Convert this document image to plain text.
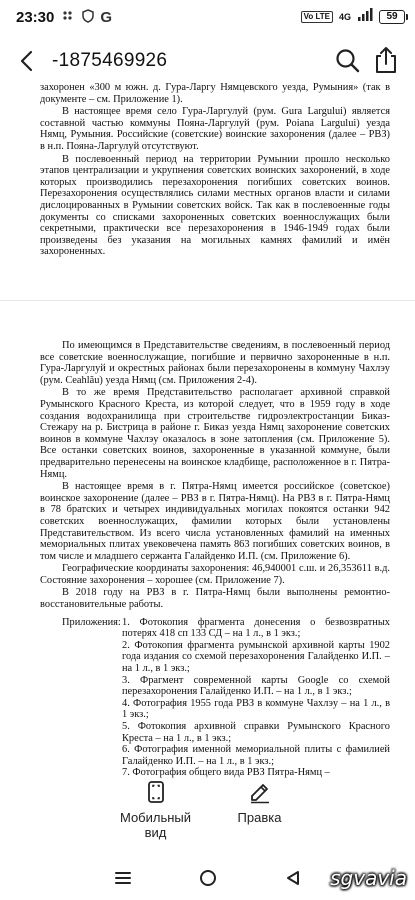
23:30	G	Vo LTE	4G	59
-1875469926

захоронен «300 м южн. д. Гура-Ларгу Нямцевского уезда, Румыния» (так в документе – см. Приложение 1).

В настоящее время село Гура-Ларгулуй (рум. Gura Largului) является составной частью коммуны Пояна-Ларгулуй (рум. Poiana Largului) уезда Нямц, Румыния. Российские (советские) воинские захоронения (далее – РВЗ) в н.п. Пояна-Ларгулуй отсутствуют.

В послевоенный период на территории Румынии прошло несколько этапов централизации и укрупнения советских воинских захоронений, в ходе которых производились перезахоронения погибших советских воинов. Перезахоронения осуществлялись силами местных органов власти и силами дислоцированных в Румынии советских войск. Так как в послевоенные годы документы со списками захороненных советских военнослужащих были секретными, практически все перезахоронения в 1946-1949 годах были произведены без указания на могильных камнях фамилий и имён захороненных.

По имеющимся в Представительстве сведениям, в послевоенный период все советские военнослужащие, погибшие и первично захороненные в н.п. Гура-Ларгулуй и окрестных районах были перезахоронены в коммуну Чахлэу (рум. Ceahlău) уезда Нямц (см. Приложения 2-4).

В то же время Представительство располагает архивной справкой Румынского Красного Креста, из которой следует, что в 1959 году в ходе создания водохранилища при строительстве гидроэлектростанции Биказ-Стежару на р. Бистрица в районе г. Биказ уезда Нямц захоронение советских воинов в коммуне Чахлэу оказалось в зоне затопления (см. Приложение 5). Все останки советских воинов, захороненные в указанной коммуне, были предварительно перенесены на воинское кладбище, расположенное в г. Пятра-Нямц.

В настоящее время в г. Пятра-Нямц имеется российское (советское) воинское захоронение (далее – РВЗ в г. Пятра-Нямц). На РВЗ в г. Пятра-Нямц в 78 братских и четырех индивидуальных могилах покоятся останки 942 советских военнослужащих, фамилии которых были установлены Представительством. Из всего числа установленных фамилий на именных мемориальных плитах увековечена память 863 погибших советских воинов, в том числе и младшего сержанта Галайденко И.П. (см. Приложение 6).

Географические координаты захоронения: 46,940001 с.ш. и 26,353611 в.д. Состояние захоронения – хорошее (см. Приложение 7).

В 2018 году на РВЗ в г. Пятра-Нямц были выполнены ремонтно-восстановительные работы.

Приложения: 1. Фотокопия фрагмента донесения о безвозвратных потерях 418 сп 133 СД – на 1 л., в 1 экз.;
2. Фотокопия фрагмента румынской архивной карты 1902 года издания со схемой перезахоронения Галайденко И.П. – на 1 л., в 1 экз.;
3. Фрагмент современной карты Google со схемой перезахоронения Галайденко И.П. – на 1 л., в 1 экз.;
4. Фотография 1955 года РВЗ в коммуне Чахлэу – на 1 л., в 1 экз.;
5. Фотокопия архивной справки Румынского Красного Креста – на 1 л., в 1 экз.;
6. Фотография именной мемориальной плиты с фамилией Галайденко И.П. – на 1 л., в 1 экз.;
7. Фотография общего вида РВЗ Пятра-Нямц –
Мобильный вид
Правка
sgvavia
